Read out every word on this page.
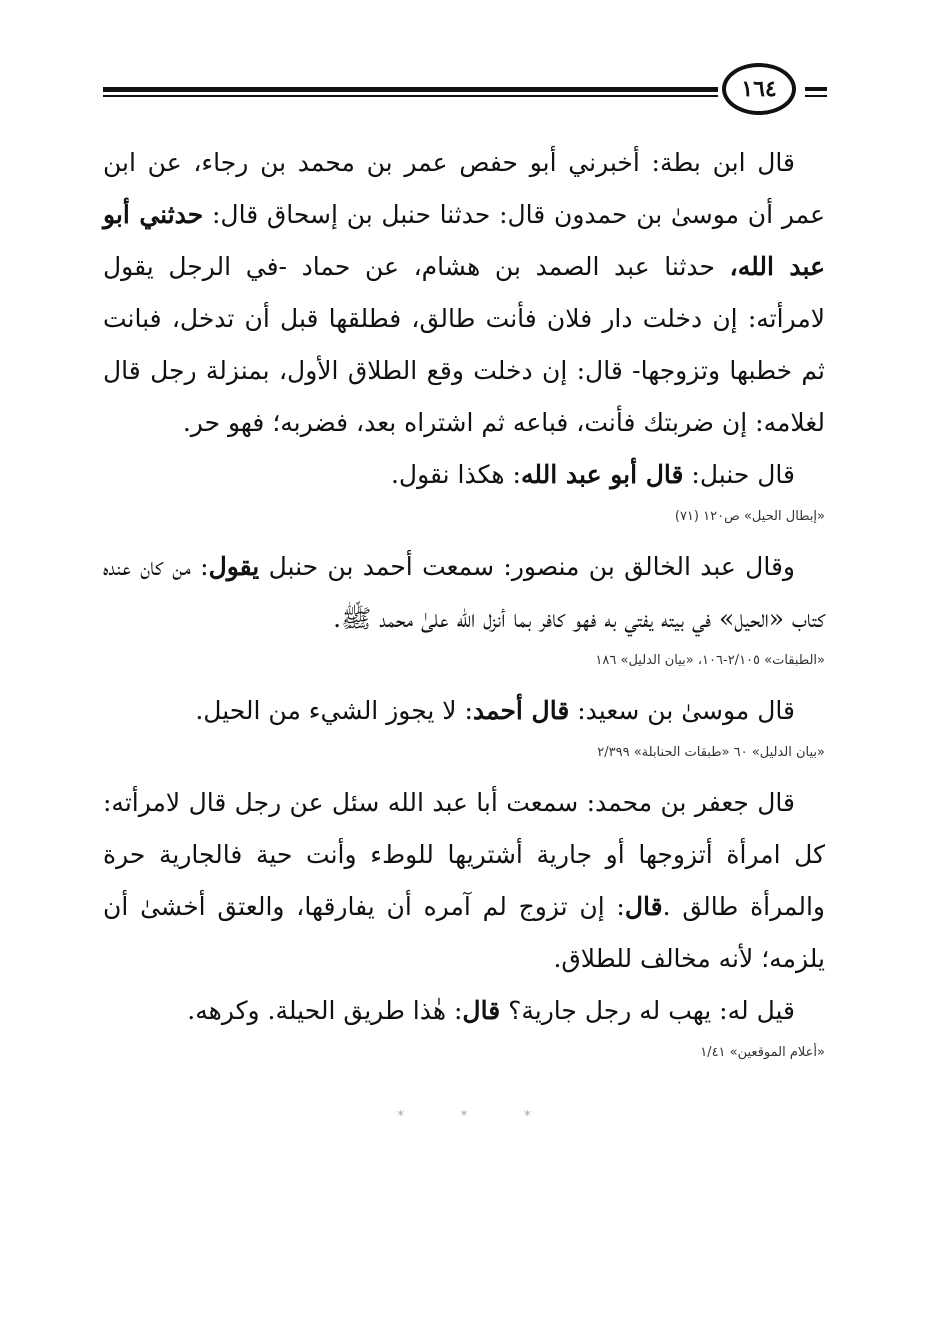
١٦٤

قال ابن بطة: أخبرني أبو حفص عمر بن محمد بن رجاء، عن ابن عمر أن موسىٰ بن حمدون قال: حدثنا حنبل بن إسحاق قال: حدثني أبو عبد الله، حدثنا عبد الصمد بن هشام، عن حماد -في الرجل يقول لامرأته: إن دخلت دار فلان فأنت طالق، فطلقها قبل أن تدخل، فبانت ثم خطبها وتزوجها- قال: إن دخلت وقع الطلاق الأول، بمنزلة رجل قال لغلامه: إن ضربتك فأنت، فباعه ثم اشتراه بعد، فضربه؛ فهو حر.

قال حنبل: قال أبو عبد الله: هكذا نقول.

«إبطال الحيل» ص١٢٠ (٧١)

وقال عبد الخالق بن منصور: سمعت أحمد بن حنبل يقول: من كان عنده كتاب «الحيل» في بيته يفتي به فهو كافر بما أنزل الله علىٰ محمد ﷺ.

«الطبقات» ٢/١٠٥-١٠٦، «بيان الدليل» ١٨٦

قال موسىٰ بن سعيد: قال أحمد: لا يجوز الشيء من الحيل.

«بيان الدليل» ٦٠ «طبقات الحنابلة» ٢/٣٩٩

قال جعفر بن محمد: سمعت أبا عبد الله سئل عن رجل قال لامرأته: كل امرأة أتزوجها أو جارية أشتريها للوطء وأنت حية فالجارية حرة والمرأة طالق .قال: إن تزوج لم آمره أن يفارقها، والعتق أخشىٰ أن يلزمه؛ لأنه مخالف للطلاق.

قيل له: يهب له رجل جارية؟ قال: هٰذا طريق الحيلة. وكرهه.

«أعلام الموقعين» ١/٤١
*	*	*
